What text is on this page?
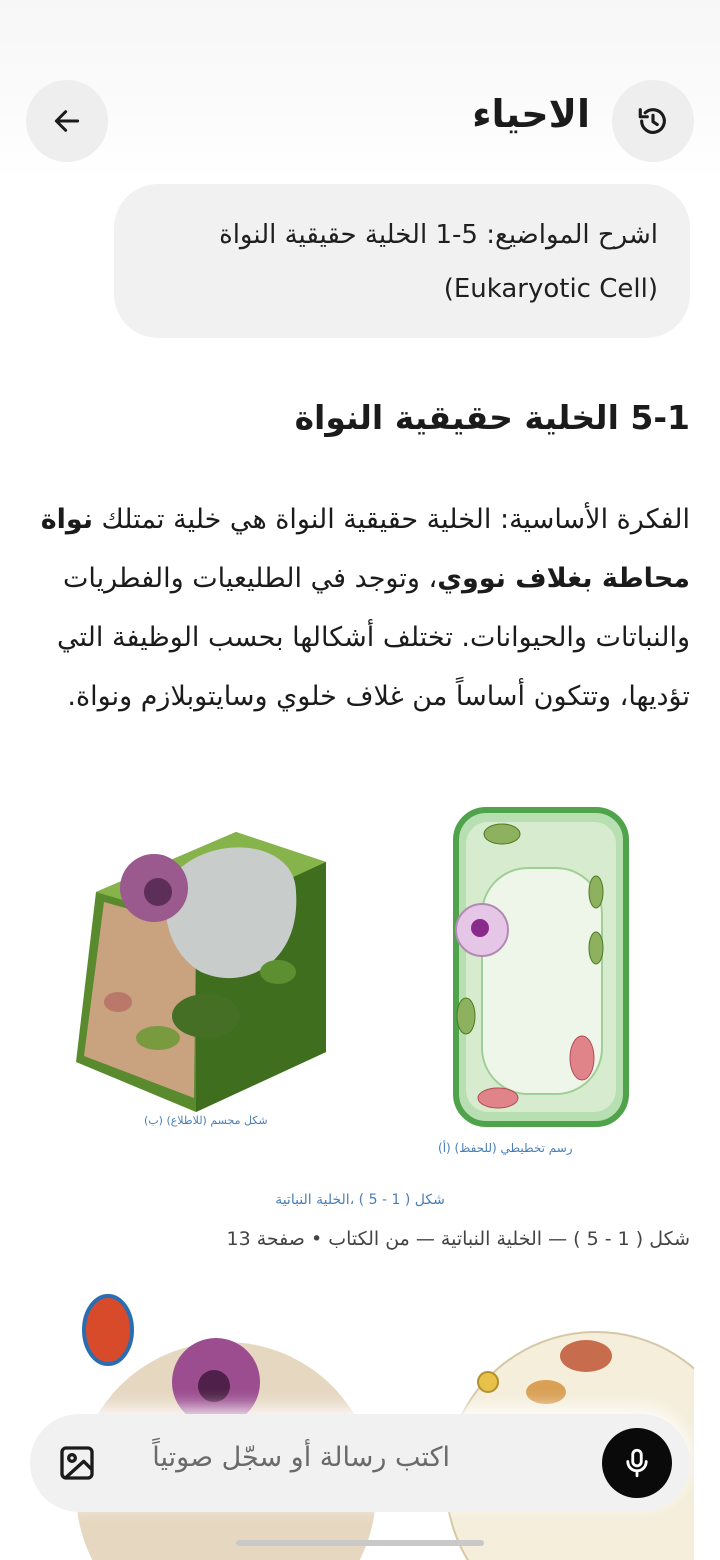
الاحياء
اشرح المواضيع: 5-1 الخلية حقيقية النواة
(Eukaryotic Cell)
5-1 الخلية حقيقية النواة
الفكرة الأساسية: الخلية حقيقية النواة هي خلية تمتلك نواة محاطة بغلاف نووي، وتوجد في الطليعيات والفطريات والنباتات والحيوانات. تختلف أشكالها بحسب الوظيفة التي تؤديها، وتتكون أساساً من غلاف خلوي وسايتوبلازم ونواة.
(ب) شكل مجسم (للاطلاع)
(أ) رسم تخطيطي (للحفظ)
شكل ( 1 - 5 ) ،الخلية النباتية
شكل ( 1 - 5 ) — الخلية النباتية — من الكتاب • صفحة 13
اكتب رسالة أو سجّل صوتياً
